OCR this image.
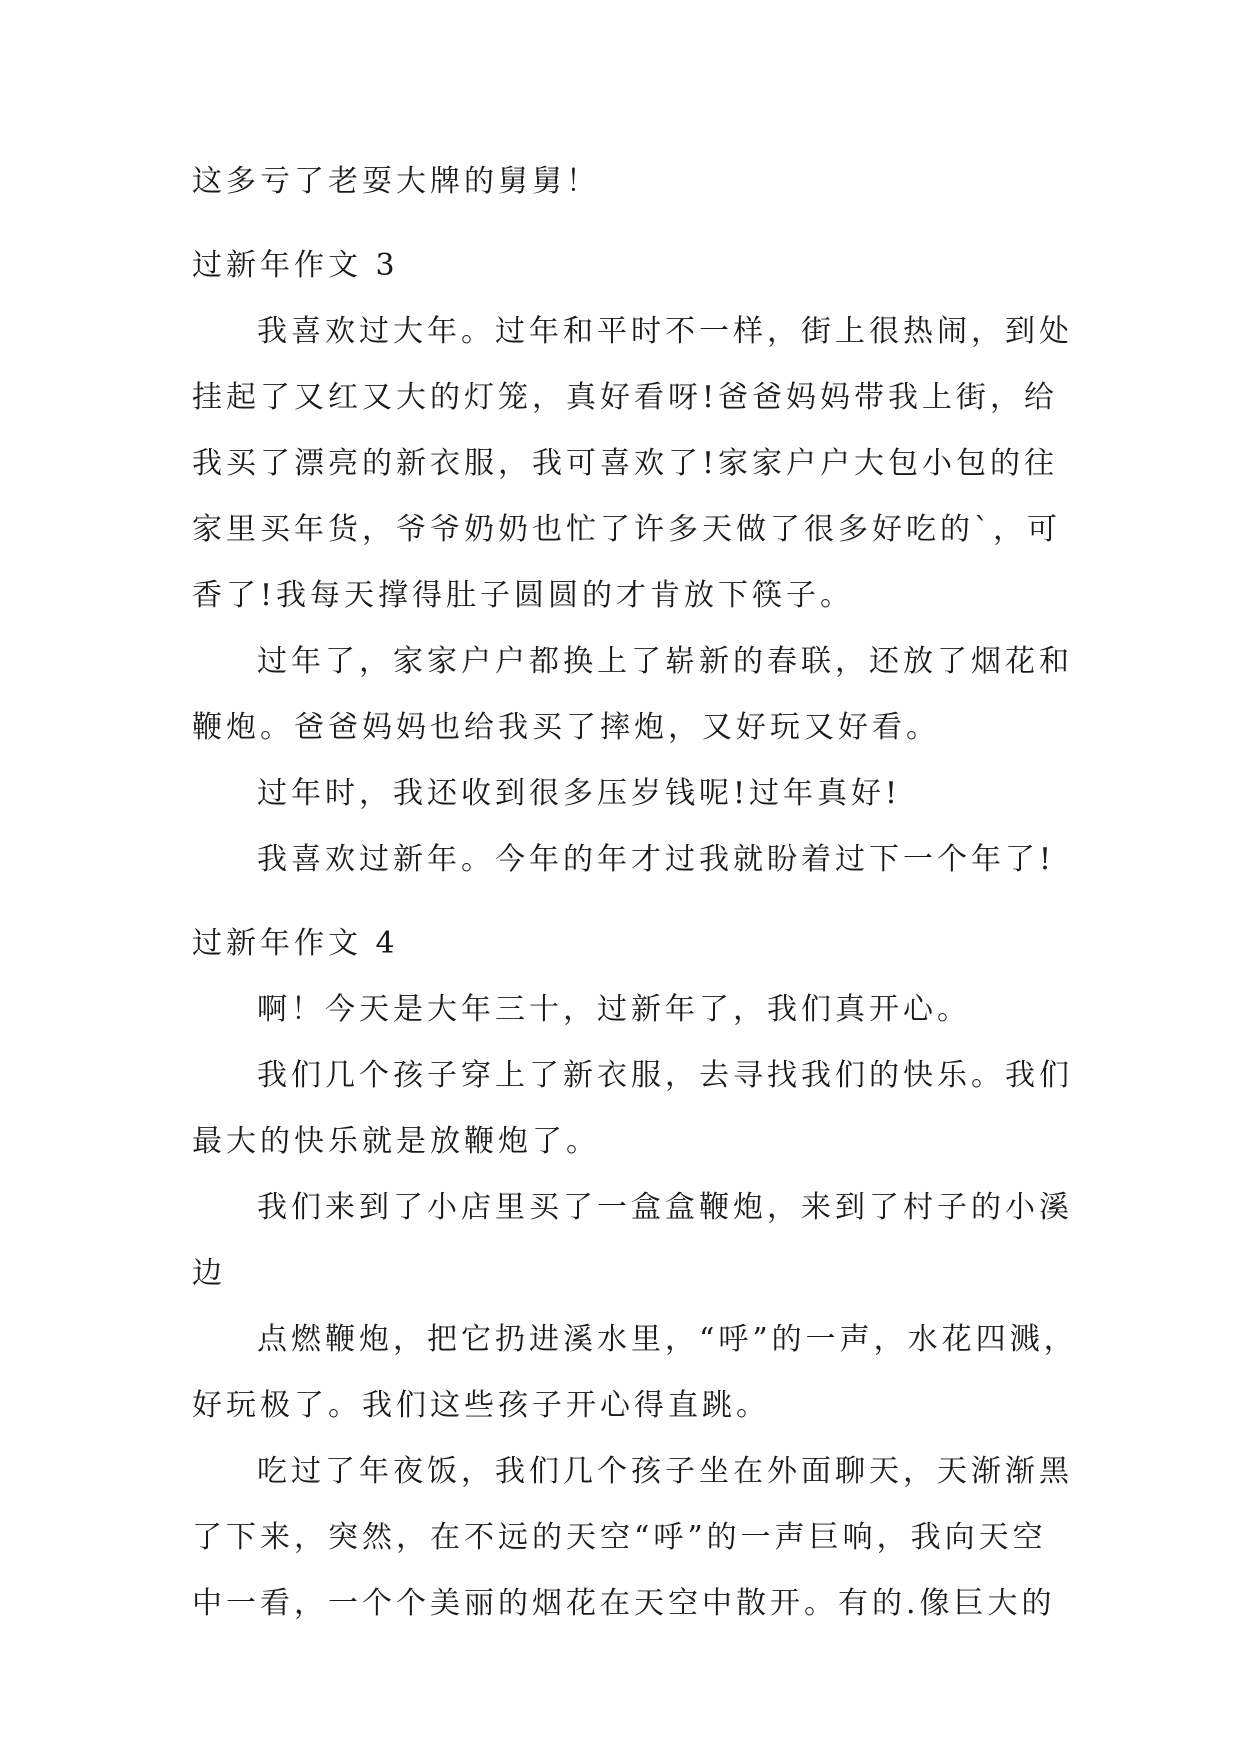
这多亏了老耍大牌的舅舅！
过新年作文 3
我喜欢过大年。过年和平时不一样，街上很热闹，到处
挂起了又红又大的灯笼，真好看呀!爸爸妈妈带我上街，给
我买了漂亮的新衣服，我可喜欢了!家家户户大包小包的往
家里买年货，爷爷奶奶也忙了许多天做了很多好吃的`，可
香了!我每天撑得肚子圆圆的才肯放下筷子。
过年了，家家户户都换上了崭新的春联，还放了烟花和
鞭炮。爸爸妈妈也给我买了摔炮，又好玩又好看。
过年时，我还收到很多压岁钱呢!过年真好!
我喜欢过新年。今年的年才过我就盼着过下一个年了!
过新年作文 4
啊！今天是大年三十，过新年了，我们真开心。
我们几个孩子穿上了新衣服，去寻找我们的快乐。我们
最大的快乐就是放鞭炮了。
我们来到了小店里买了一盒盒鞭炮，来到了村子的小溪
边
点燃鞭炮，把它扔进溪水里，“呼”的一声，水花四溅，
好玩极了。我们这些孩子开心得直跳。
吃过了年夜饭，我们几个孩子坐在外面聊天，天渐渐黑
了下来，突然，在不远的天空“呼”的一声巨响，我向天空
中一看，一个个美丽的烟花在天空中散开。有的.像巨大的
